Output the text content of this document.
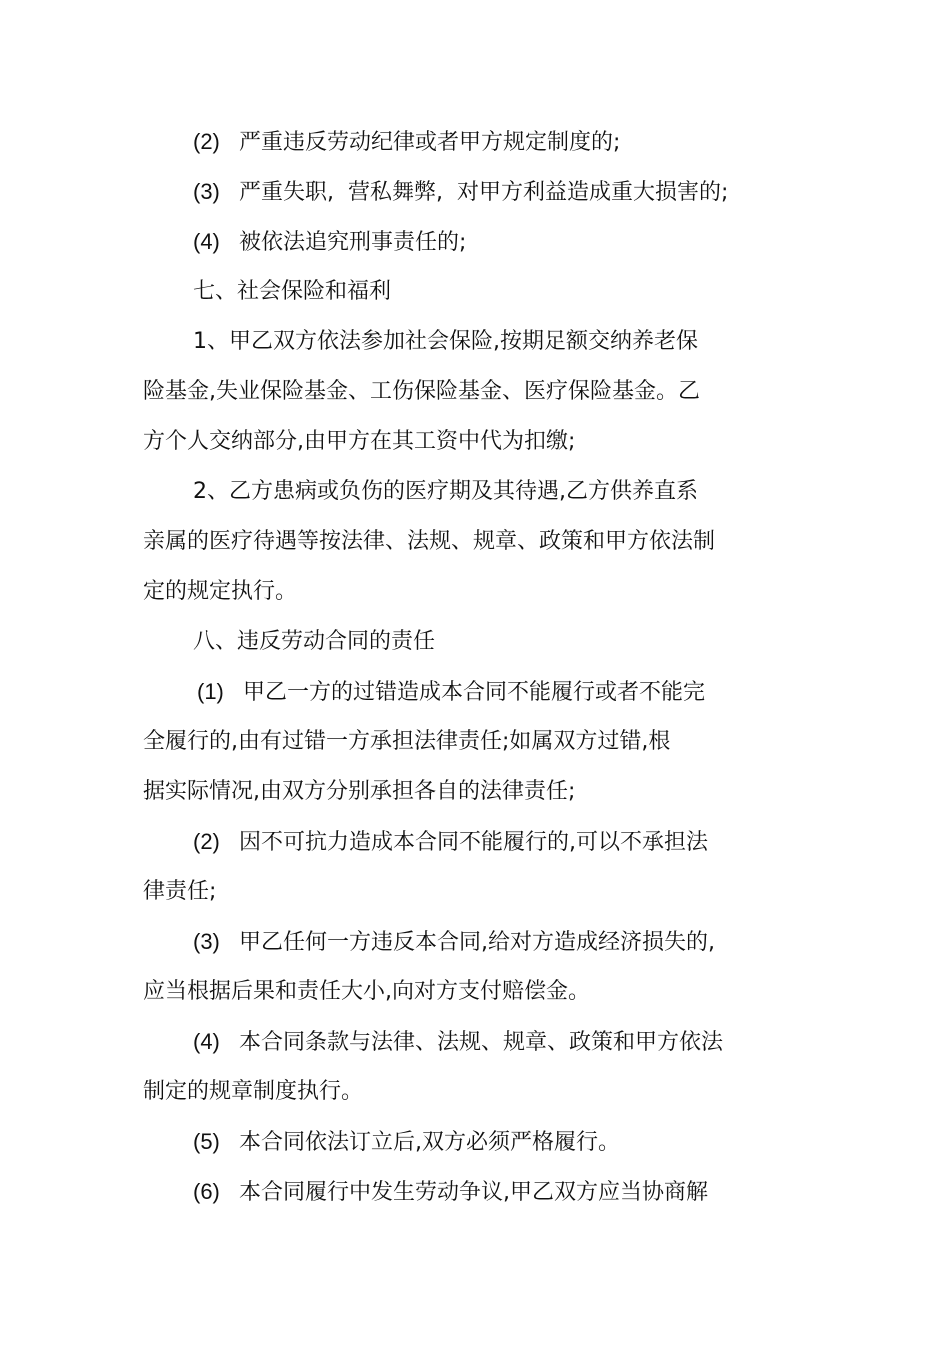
(2) 严重违反劳动纪律或者甲方规定制度的;
(3) 严重失职,  营私舞弊,  对甲方利益造成重大损害的;
(4) 被依法追究刑事责任的;
七、社会保险和福利
1、甲乙双方依法参加社会保险,按期足额交纳养老保
险基金,失业保险基金、工伤保险基金、医疗保险基金。乙
方个人交纳部分,由甲方在其工资中代为扣缴;
2、乙方患病或负伤的医疗期及其待遇,乙方供养直系
亲属的医疗待遇等按法律、法规、规章、政策和甲方依法制
定的规定执行。
八、违反劳动合同的责任
(1) 甲乙一方的过错造成本合同不能履行或者不能完
全履行的,由有过错一方承担法律责任;如属双方过错,根
据实际情况,由双方分别承担各自的法律责任;
(2) 因不可抗力造成本合同不能履行的,可以不承担法
律责任;
(3) 甲乙任何一方违反本合同,给对方造成经济损失的,
应当根据后果和责任大小,向对方支付赔偿金。
(4) 本合同条款与法律、法规、规章、政策和甲方依法
制定的规章制度执行。
(5) 本合同依法订立后,双方必须严格履行。
(6) 本合同履行中发生劳动争议,甲乙双方应当协商解
